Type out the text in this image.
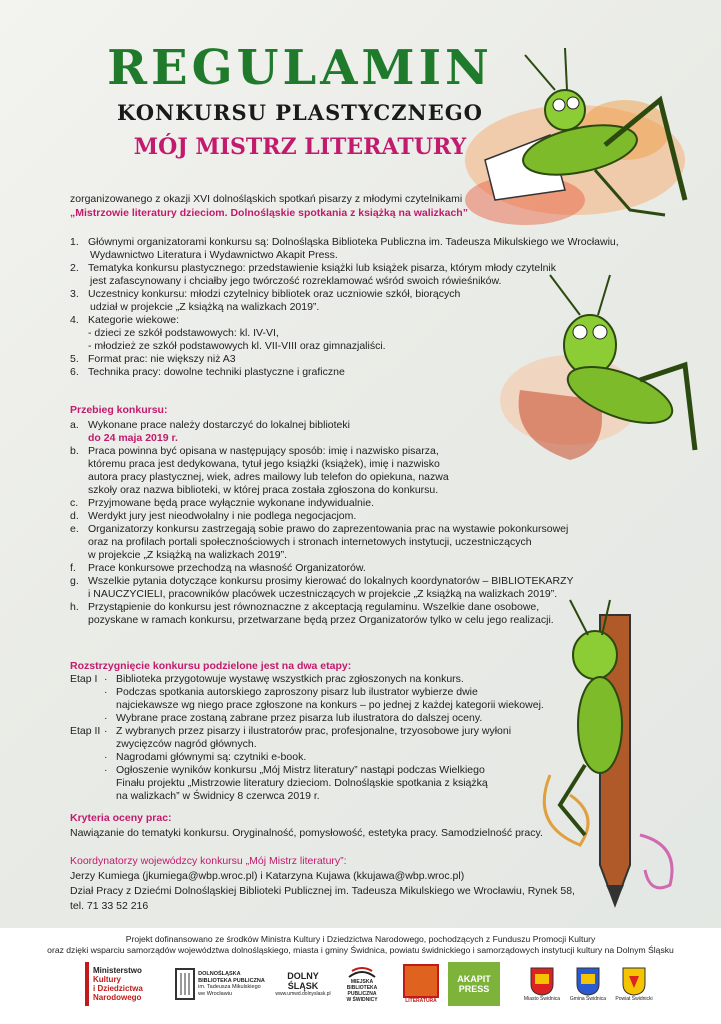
REGULAMIN
KONKURSU PLASTYCZNEGO
MÓJ MISTRZ LITERATURY
zorganizowanego z okazji XVI dolnośląskich spotkań pisarzy z młodymi czytelnikami
„Mistrzowie literatury dzieciom. Dolnośląskie spotkania z książką na walizkach”
1. Głównymi organizatorami konkursu są: Dolnośląska Biblioteka Publiczna im. Tadeusza Mikulskiego we Wrocławiu,
Wydawnictwo Literatura i Wydawnictwo Akapit Press.
2. Tematyka konkursu plastycznego: przedstawienie książki lub książek pisarza, którym młody czytelnik
jest zafascynowany i chciałby jego twórczość rozreklamować wśród swoich rówieśników.
3. Uczestnicy konkursu: młodzi czytelnicy bibliotek oraz uczniowie szkół, biorących
udział w projekcie „Z książką na walizkach 2019”.
4. Kategorie wiekowe:
- dzieci ze szkół podstawowych: kl. IV-VI,
- młodzież ze szkół podstawowych kl. VII-VIII oraz gimnazjaliści.
5. Format prac: nie większy niż A3
6. Technika pracy: dowolne techniki plastyczne i graficzne
Przebieg konkursu:
a. Wykonane prace należy dostarczyć do lokalnej biblioteki
do 24 maja 2019 r.
b. Praca powinna być opisana w następujący sposób: imię i nazwisko pisarza,
któremu praca jest dedykowana, tytuł jego książki (książek), imię i nazwisko
autora pracy plastycznej, wiek, adres mailowy lub telefon do opiekuna, nazwa
szkoły oraz nazwa biblioteki, w której praca została zgłoszona do konkursu.
c. Przyjmowane będą prace wyłącznie wykonane indywidualnie.
d. Werdykt jury jest nieodwołalny i nie podlega negocjacjom.
e. Organizatorzy konkursu zastrzegają sobie prawo do zaprezentowania prac na wystawie pokonkursowej
oraz na profilach portali społecznościowych i stronach internetowych instytucji, uczestniczących
w projekcie „Z książką na walizkach 2019”.
f. Prace konkursowe przechodzą na własność Organizatorów.
g. Wszelkie pytania dotyczące konkursu prosimy kierować do lokalnych koordynatorów – BIBLIOTEKARZY
i NAUCZYCIELI, pracowników placówek uczestniczących w projekcie „Z książką na walizkach 2019”.
h. Przystąpienie do konkursu jest równoznaczne z akceptacją regulaminu. Wszelkie dane osobowe,
pozyskane w ramach konkursu, przetwarzane będą przez Organizatorów tylko w celu jego realizacji.
Rozstrzygnięcie konkursu podzielone jest na dwa etapy:
Etap I · Biblioteka przygotowuje wystawę wszystkich prac zgłoszonych na konkurs.
· Podczas spotkania autorskiego zaproszony pisarz lub ilustrator wybierze dwie
najciekawsze wg niego prace zgłoszone na konkurs – po jednej z każdej kategorii wiekowej.
· Wybrane prace zostaną zabrane przez pisarza lub ilustratora do dalszej oceny.
Etap II · Z wybranych przez pisarzy i ilustratorów prac, profesjonalne, trzyosobowe jury wyłoni
zwycięzców nagród głównych.
· Nagrodami głównymi są: czytniki e-book.
· Ogłoszenie wyników konkursu „Mój Mistrz literatury” nastąpi podczas Wielkiego
Finału projektu „Mistrzowie literatury dzieciom. Dolnośląskie spotkania z książką
na walizkach” w Świdnicy 8 czerwca 2019 r.
Kryteria oceny prac:
Nawiązanie do tematyki konkursu. Oryginalność, pomysłowość, estetyka pracy. Samodzielność pracy.
Koordynatorzy wojewódzcy konkursu „Mój Mistrz literatury”:
Jerzy Kumiega (jkumiega@wbp.wroc.pl) i Katarzyna Kujawa (kkujawa@wbp.wroc.pl)
Dział Pracy z Dziećmi Dolnośląskiej Biblioteki Publicznej im. Tadeusza Mikulskiego we Wrocławiu, Rynek 58,
tel. 71 33 52 216
Projekt dofinansowano ze środków Ministra Kultury i Dziedzictwa Narodowego, pochodzących z Funduszu Promocji Kultury
oraz dzięki wsparciu samorządów województwa dolnośląskiego, miasta i gminy Świdnica, powiatu świdnickiego i samorządowych instytucji kultury na Dolnym Śląsku
Ministerstwo
Kultury
i Dziedzictwa
Narodowego
DOLNOŚLĄSKA
BIBLIOTEKA PUBLICZNA
im. Tadeusza Mikulskiego
we Wrocławiu
DOLNY ŚLĄSK
www.umwd.dolnyslask.pl
MIEJSKA
BIBLIOTEKA
PUBLICZNA
W ŚWIDNICY	LITERATURA
AKAPIT
PRESS
Miasto Świdnica Gmina Świdnica Powiat Świdnicki
